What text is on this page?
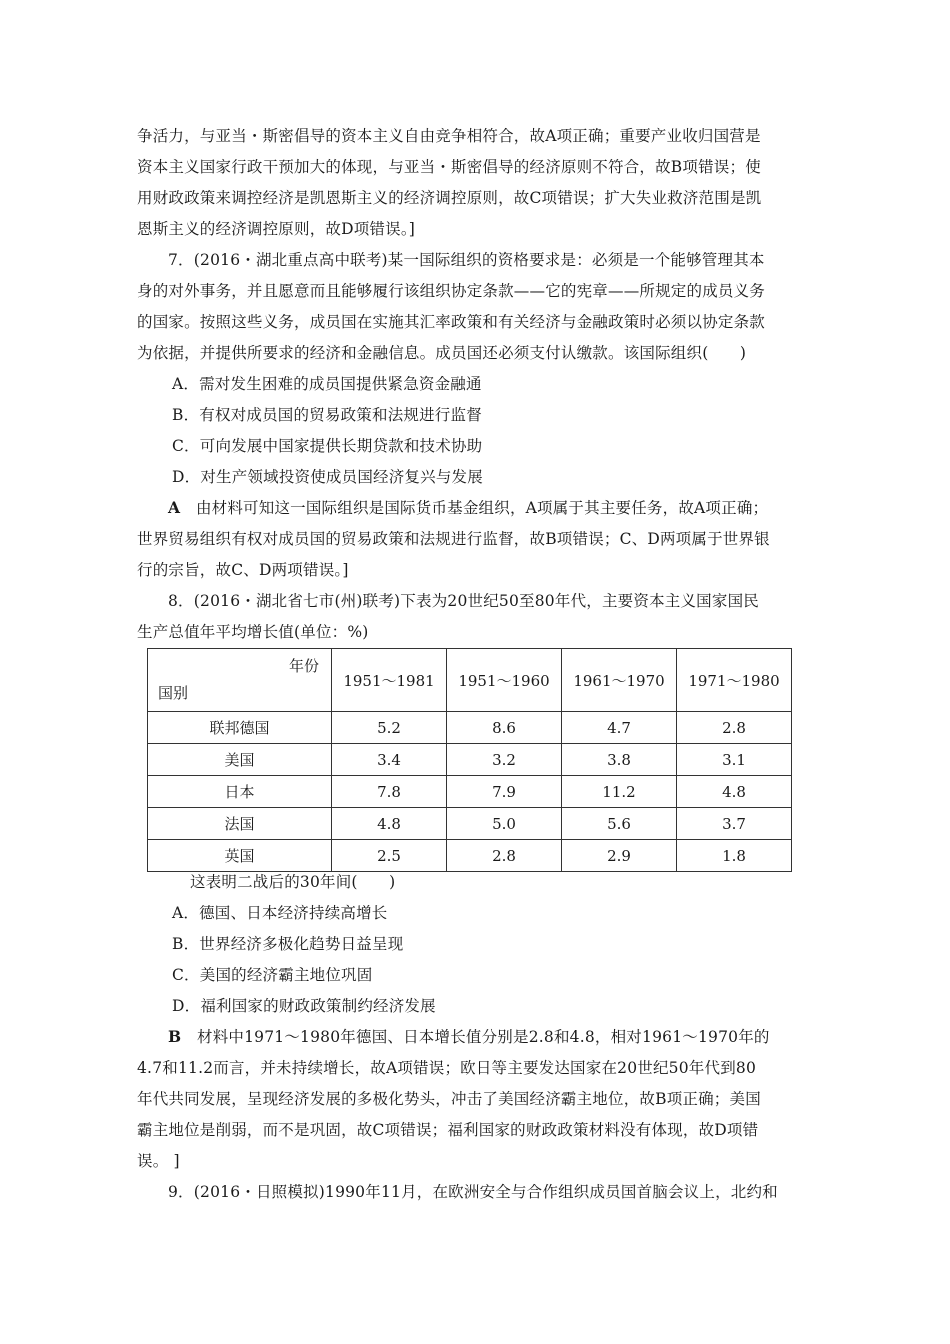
争活力，与亚当・斯密倡导的资本主义自由竞争相符合，故A项正确；重要产业收归国营是
资本主义国家行政干预加大的体现，与亚当・斯密倡导的经济原则不符合，故B项错误；使
用财政政策来调控经济是凯恩斯主义的经济调控原则，故C项错误；扩大失业救济范围是凯
恩斯主义的经济调控原则，故D项错误。]
7．(2016・湖北重点高中联考)某一国际组织的资格要求是：必须是一个能够管理其本
身的对外事务，并且愿意而且能够履行该组织协定条款——它的宪章——所规定的成员义务
的国家。按照这些义务，成员国在实施其汇率政策和有关经济与金融政策时必须以协定条款
为依据，并提供所要求的经济和金融信息。成员国还必须支付认缴款。该国际组织(　　)
A．需对发生困难的成员国提供紧急资金融通
B．有权对成员国的贸易政策和法规进行监督
C．可向发展中国家提供长期贷款和技术协助
D．对生产领域投资使成员国经济复兴与发展
A　 由材料可知这一国际组织是国际货币基金组织，A项属于其主要任务，故A项正确；
世界贸易组织有权对成员国的贸易政策和法规进行监督，故B项错误；C、D两项属于世界银
行的宗旨，故C、D两项错误。]
8．(2016・湖北省七市(州)联考)下表为20世纪50至80年代，主要资本主义国家国民
生产总值年平均增长值(单位：%)
年份
国别	1951～1981	1951～1960	1961～1970	1971～1980
联邦德国	5.2	8.6	4.7	2.8
美国	3.4	3.2	3.8	3.1
日本	7.8	7.9	11.2	4.8
法国	4.8	5.0	5.6	3.7
英国	2.5	2.8	2.9	1.8
这表明二战后的30年间(　　)
A．德国、日本经济持续高增长
B．世界经济多极化趋势日益呈现
C．美国的经济霸主地位巩固
D．福利国家的财政政策制约经济发展
B　 材料中1971～1980年德国、日本增长值分别是2.8和4.8，相对1961～1970年的
4.7和11.2而言，并未持续增长，故A项错误；欧日等主要发达国家在20世纪50年代到80
年代共同发展，呈现经济发展的多极化势头，冲击了美国经济霸主地位，故B项正确；美国
霸主地位是削弱，而不是巩固，故C项错误；福利国家的财政政策材料没有体现，故D项错
误。 ]
9．(2016・日照模拟)1990年11月，在欧洲安全与合作组织成员国首脑会议上，北约和
